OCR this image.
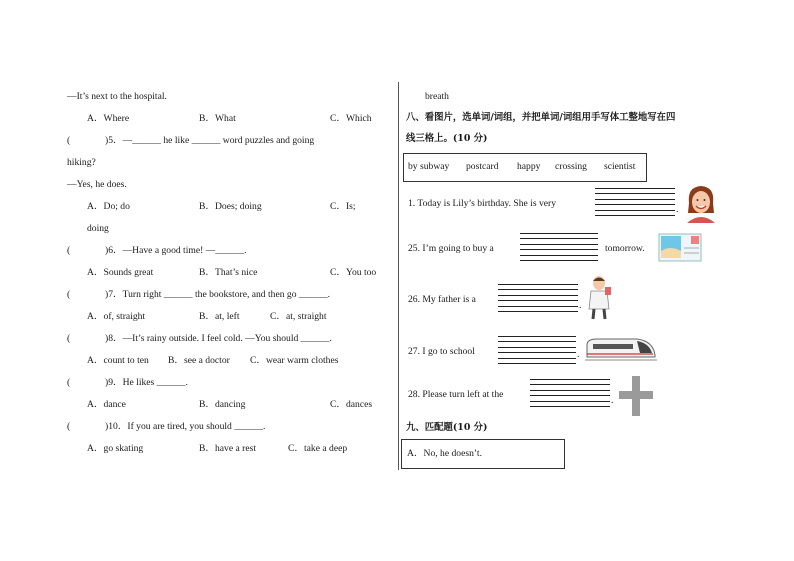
—It’s next to the hospital.
A．Where	B．What	C．Which
(	)5．—______ he like ______ word puzzles and going
hiking?
—Yes, he does.
A．Do; do	B．Does; doing	C．Is;
doing
(	)6．—Have a good time! —______.
A．Sounds great	B．That’s nice	C．You too
(	)7．Turn right ______ the bookstore, and then go ______.
A．of, straight	B．at, left	C．at, straight
(	)8．—It’s rainy outside. I feel cold. —You should ______.
A．count to ten B．see a doctor C．wear warm clothes
(	)9．He likes ______.
A．dance	B．dancing	C．dances
(	)10．If you are tired, you should ______.
A．go skating	B．have a rest	C．take a deep
breath
八、看图片，选单词/词组，并把单词/词组用手写体工整地写在四
线三格上。(10 分)
by subway postcard happy crossing scientist
1. Today is Lily’s birthday. She is very
.
25. I’m going to buy a	tomorrow.
26. My father is a
.
27. I go to school	.
28. Please turn left at the
.
九、匹配题(10 分)
A．No, he doesn’t.
